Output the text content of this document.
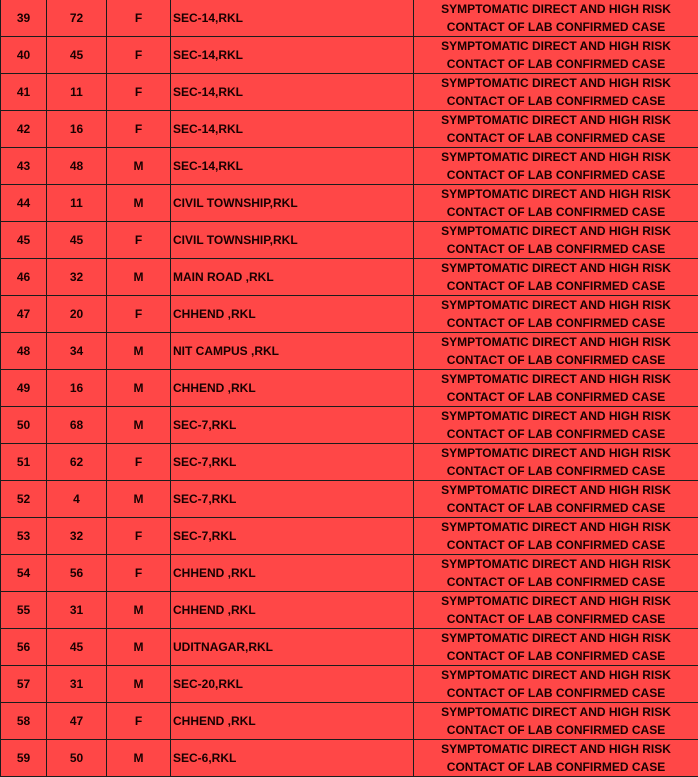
39	72	F	SEC-14,RKL	SYMPTOMATIC DIRECT AND HIGH RISK
CONTACT OF LAB CONFIRMED CASE

40	45	F	SEC-14,RKL	SYMPTOMATIC DIRECT AND HIGH RISK
CONTACT OF LAB CONFIRMED CASE

41	11	F	SEC-14,RKL	SYMPTOMATIC DIRECT AND HIGH RISK
CONTACT OF LAB CONFIRMED CASE

42	16	F	SEC-14,RKL	SYMPTOMATIC DIRECT AND HIGH RISK
CONTACT OF LAB CONFIRMED CASE

43	48	M	SEC-14,RKL	SYMPTOMATIC DIRECT AND HIGH RISK
CONTACT OF LAB CONFIRMED CASE

44	11	M	CIVIL TOWNSHIP,RKL	SYMPTOMATIC DIRECT AND HIGH RISK
CONTACT OF LAB CONFIRMED CASE

45	45	F	CIVIL TOWNSHIP,RKL	SYMPTOMATIC DIRECT AND HIGH RISK
CONTACT OF LAB CONFIRMED CASE

46	32	M	MAIN ROAD ,RKL	SYMPTOMATIC DIRECT AND HIGH RISK
CONTACT OF LAB CONFIRMED CASE

47	20	F	CHHEND ,RKL	SYMPTOMATIC DIRECT AND HIGH RISK
CONTACT OF LAB CONFIRMED CASE

48	34	M	NIT CAMPUS ,RKL	SYMPTOMATIC DIRECT AND HIGH RISK
CONTACT OF LAB CONFIRMED CASE

49	16	M	CHHEND ,RKL	SYMPTOMATIC DIRECT AND HIGH RISK
CONTACT OF LAB CONFIRMED CASE

50	68	M	SEC-7,RKL	SYMPTOMATIC DIRECT AND HIGH RISK
CONTACT OF LAB CONFIRMED CASE

51	62	F	SEC-7,RKL	SYMPTOMATIC DIRECT AND HIGH RISK
CONTACT OF LAB CONFIRMED CASE

52	4	M	SEC-7,RKL	SYMPTOMATIC DIRECT AND HIGH RISK
CONTACT OF LAB CONFIRMED CASE

53	32	F	SEC-7,RKL	SYMPTOMATIC DIRECT AND HIGH RISK
CONTACT OF LAB CONFIRMED CASE

54	56	F	CHHEND ,RKL	SYMPTOMATIC DIRECT AND HIGH RISK
CONTACT OF LAB CONFIRMED CASE

55	31	M	CHHEND ,RKL	SYMPTOMATIC DIRECT AND HIGH RISK
CONTACT OF LAB CONFIRMED CASE

56	45	M	UDITNAGAR,RKL	SYMPTOMATIC DIRECT AND HIGH RISK
CONTACT OF LAB CONFIRMED CASE

57	31	M	SEC-20,RKL	SYMPTOMATIC DIRECT AND HIGH RISK
CONTACT OF LAB CONFIRMED CASE

58	47	F	CHHEND ,RKL	SYMPTOMATIC DIRECT AND HIGH RISK
CONTACT OF LAB CONFIRMED CASE

59	50	M	SEC-6,RKL	SYMPTOMATIC DIRECT AND HIGH RISK
CONTACT OF LAB CONFIRMED CASE
